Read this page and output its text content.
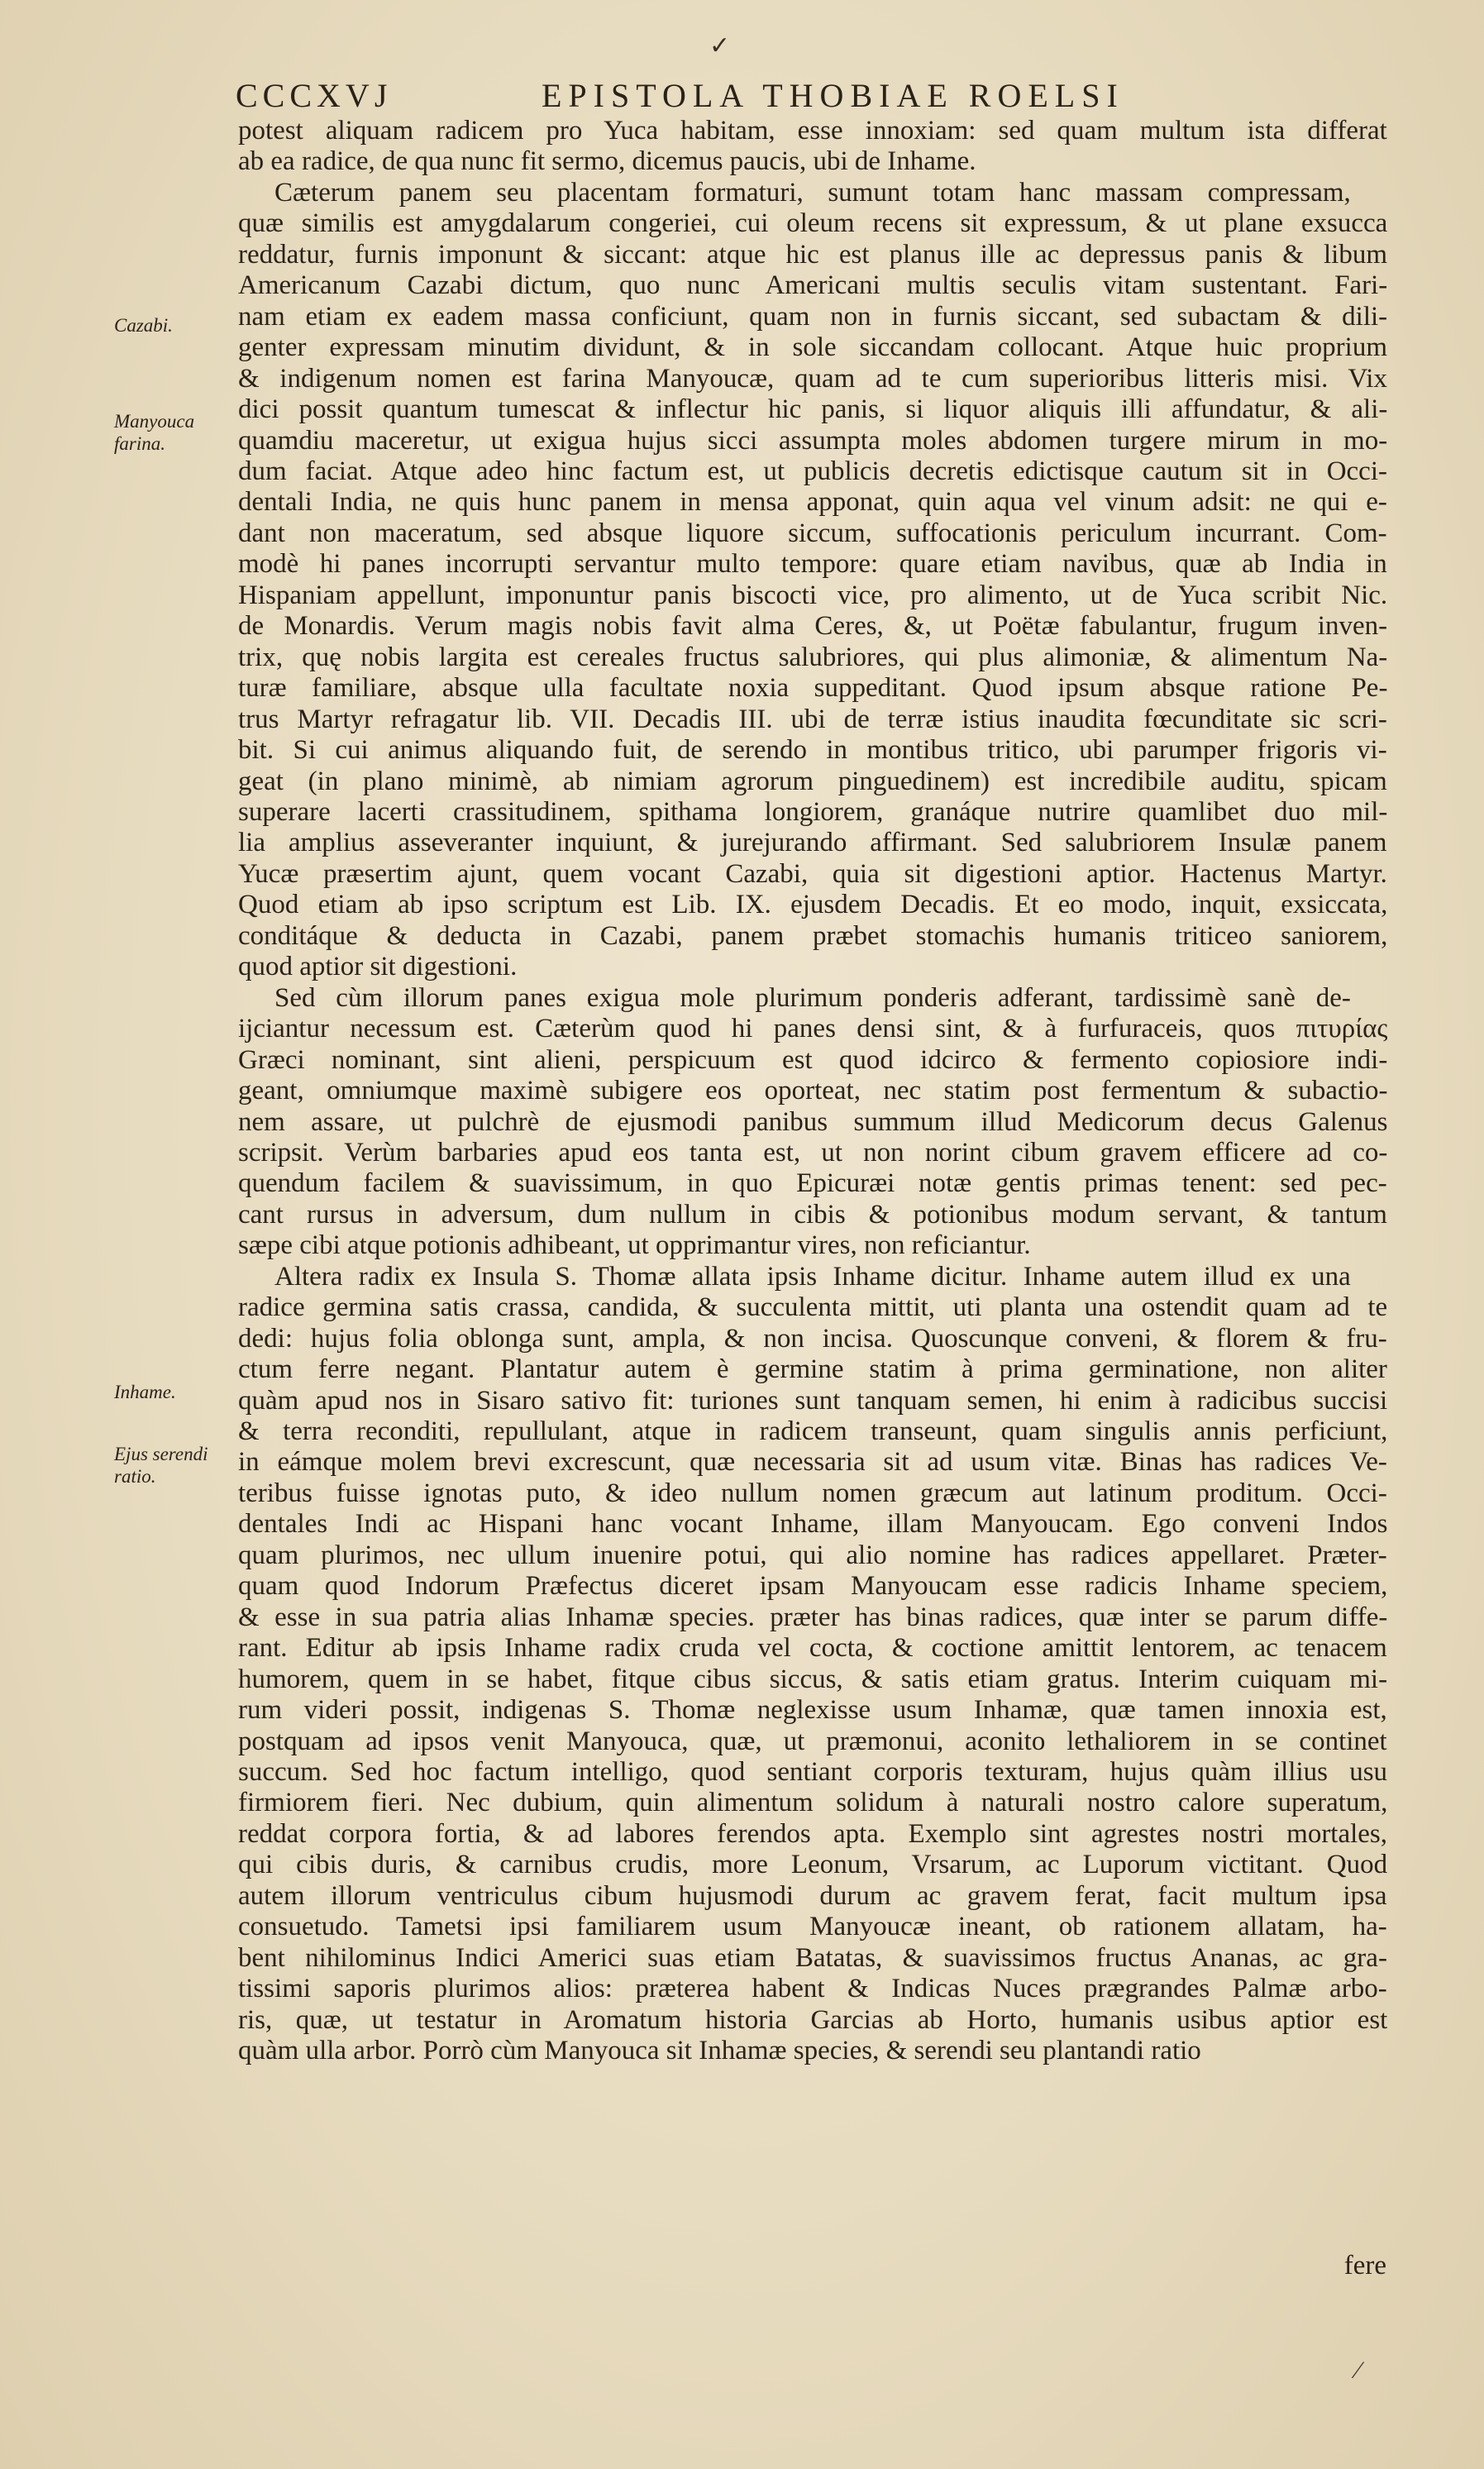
CCCXVJ	EPISTOLA THOBIAE ROELSI
Cazabi.
Manyouca farina.
Inhame.
Ejus serendi ratio.
potest aliquam radicem pro Yuca habitam, esse innoxiam: sed quam multum ista differat
ab ea radice, de qua nunc fit sermo, dicemus paucis, ubi de Inhame.
Cæterum panem seu placentam formaturi, sumunt totam hanc massam compressam,
quæ similis est amygdalarum congeriei, cui oleum recens sit expressum, & ut plane exsucca
reddatur, furnis imponunt & siccant: atque hic est planus ille ac depressus panis & libum
Americanum Cazabi dictum, quo nunc Americani multis seculis vitam sustentant. Fari-
nam etiam ex eadem massa conficiunt, quam non in furnis siccant, sed subactam & dili-
genter expressam minutim dividunt, & in sole siccandam collocant. Atque huic proprium
& indigenum nomen est farina Manyoucæ, quam ad te cum superioribus litteris misi. Vix
dici possit quantum tumescat & inflectur hic panis, si liquor aliquis illi affundatur, & ali-
quamdiu maceretur, ut exigua hujus sicci assumpta moles abdomen turgere mirum in mo-
dum faciat. Atque adeo hinc factum est, ut publicis decretis edictisque cautum sit in Occi-
dentali India, ne quis hunc panem in mensa apponat, quin aqua vel vinum adsit: ne qui e-
dant non maceratum, sed absque liquore siccum, suffocationis periculum incurrant. Com-
modè hi panes incorrupti servantur multo tempore: quare etiam navibus, quæ ab India in
Hispaniam appellunt, imponuntur panis biscocti vice, pro alimento, ut de Yuca scribit Nic.
de Monardis. Verum magis nobis favit alma Ceres, &, ut Poëtæ fabulantur, frugum inven-
trix, quę nobis largita est cereales fructus salubriores, qui plus alimoniæ, & alimentum Na-
turæ familiare, absque ulla facultate noxia suppeditant. Quod ipsum absque ratione Pe-
trus Martyr refragatur lib. VII. Decadis III. ubi de terræ istius inaudita fœcunditate sic scri-
bit. Si cui animus aliquando fuit, de serendo in montibus tritico, ubi parumper frigoris vi-
geat (in plano minimè, ab nimiam agrorum pinguedinem) est incredibile auditu, spicam
superare lacerti crassitudinem, spithama longiorem, granáque nutrire quamlibet duo mil-
lia amplius asseveranter inquiunt, & jurejurando affirmant. Sed salubriorem Insulæ panem
Yucæ præsertim ajunt, quem vocant Cazabi, quia sit digestioni aptior. Hactenus Martyr.
Quod etiam ab ipso scriptum est Lib. IX. ejusdem Decadis. Et eo modo, inquit, exsiccata,
conditáque & deducta in Cazabi, panem præbet stomachis humanis triticeo saniorem,
quod aptior sit digestioni.
Sed cùm illorum panes exigua mole plurimum ponderis adferant, tardissimè sanè de-
ijciantur necessum est. Cæterùm quod hi panes densi sint, & à furfuraceis, quos πιτυρίας
Græci nominant, sint alieni, perspicuum est quod idcirco & fermento copiosiore indi-
geant, omniumque maximè subigere eos oporteat, nec statim post fermentum & subactio-
nem assare, ut pulchrè de ejusmodi panibus summum illud Medicorum decus Galenus
scripsit. Verùm barbaries apud eos tanta est, ut non norint cibum gravem efficere ad co-
quendum facilem & suavissimum, in quo Epicuræi notæ gentis primas tenent: sed pec-
cant rursus in adversum, dum nullum in cibis & potionibus modum servant, & tantum
sæpe cibi atque potionis adhibeant, ut opprimantur vires, non reficiantur.
Altera radix ex Insula S. Thomæ allata ipsis Inhame dicitur. Inhame autem illud ex una
radice germina satis crassa, candida, & succulenta mittit, uti planta una ostendit quam ad te
dedi: hujus folia oblonga sunt, ampla, & non incisa. Quoscunque conveni, & florem & fru-
ctum ferre negant. Plantatur autem è germine statim à prima germinatione, non aliter
quàm apud nos in Sisaro sativo fit: turiones sunt tanquam semen, hi enim à radicibus succisi
& terra reconditi, repullulant, atque in radicem transeunt, quam singulis annis perficiunt,
in eámque molem brevi excrescunt, quæ necessaria sit ad usum vitæ. Binas has radices Ve-
teribus fuisse ignotas puto, & ideo nullum nomen græcum aut latinum proditum. Occi-
dentales Indi ac Hispani hanc vocant Inhame, illam Manyoucam. Ego conveni Indos
quam plurimos, nec ullum inuenire potui, qui alio nomine has radices appellaret. Præter-
quam quod Indorum Præfectus diceret ipsam Manyoucam esse radicis Inhame speciem,
& esse in sua patria alias Inhamæ species. præter has binas radices, quæ inter se parum diffe-
rant. Editur ab ipsis Inhame radix cruda vel cocta, & coctione amittit lentorem, ac tenacem
humorem, quem in se habet, fitque cibus siccus, & satis etiam gratus. Interim cuiquam mi-
rum videri possit, indigenas S. Thomæ neglexisse usum Inhamæ, quæ tamen innoxia est,
postquam ad ipsos venit Manyouca, quæ, ut præmonui, aconito lethaliorem in se continet
succum. Sed hoc factum intelligo, quod sentiant corporis texturam, hujus quàm illius usu
firmiorem fieri. Nec dubium, quin alimentum solidum à naturali nostro calore superatum,
reddat corpora fortia, & ad labores ferendos apta. Exemplo sint agrestes nostri mortales,
qui cibis duris, & carnibus crudis, more Leonum, Vrsarum, ac Luporum victitant. Quod
autem illorum ventriculus cibum hujusmodi durum ac gravem ferat, facit multum ipsa
consuetudo. Tametsi ipsi familiarem usum Manyoucæ ineant, ob rationem allatam, ha-
bent nihilominus Indici Americi suas etiam Batatas, & suavissimos fructus Ananas, ac gra-
tissimi saporis plurimos alios: præterea habent & Indicas Nuces prægrandes Palmæ arbo-
ris, quæ, ut testatur in Aromatum historia Garcias ab Horto, humanis usibus aptior est
quàm ulla arbor. Porrò cùm Manyouca sit Inhamæ species, & serendi seu plantandi ratio
fere
✓
⁄
